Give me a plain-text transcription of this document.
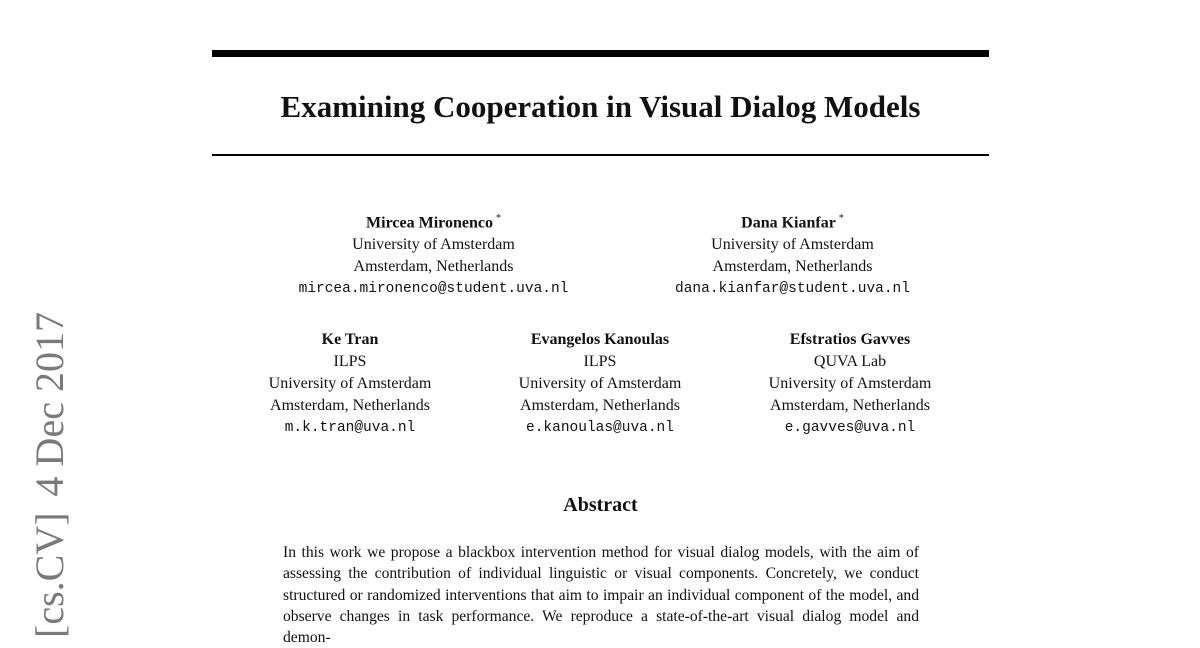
Examining Cooperation in Visual Dialog Models
Mircea Mironenco *
University of Amsterdam
Amsterdam, Netherlands
mircea.mironenco@student.uva.nl
Dana Kianfar *
University of Amsterdam
Amsterdam, Netherlands
dana.kianfar@student.uva.nl
Ke Tran
ILPS
University of Amsterdam
Amsterdam, Netherlands
m.k.tran@uva.nl
Evangelos Kanoulas
ILPS
University of Amsterdam
Amsterdam, Netherlands
e.kanoulas@uva.nl
Efstratios Gavves
QUVA Lab
University of Amsterdam
Amsterdam, Netherlands
e.gavves@uva.nl
Abstract

In this work we propose a blackbox intervention method for visual dialog models, with the aim of assessing the contribution of individual linguistic or visual components. Concretely, we conduct structured or randomized interventions that aim to impair an individual component of the model, and observe changes in task performance. We reproduce a state-of-the-art visual dialog model and demon-

[cs.CV]4 Dec 2017
